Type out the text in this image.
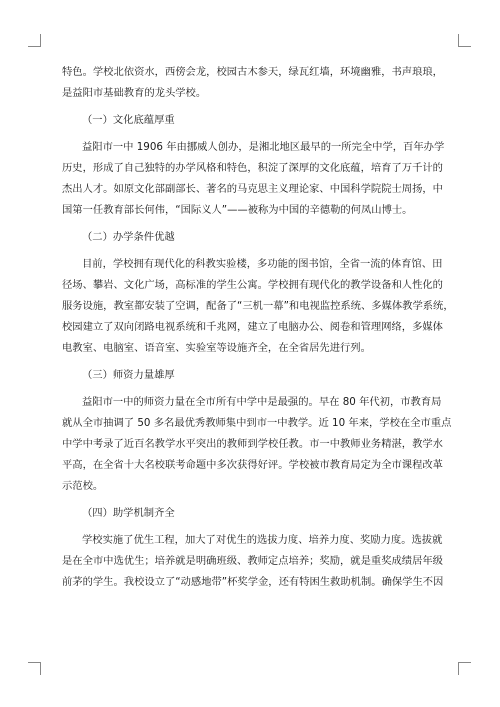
特色。学校北依资水，西傍会龙，校园古木参天，绿瓦红墙，环境幽雅，书声琅琅，
是益阳市基础教育的龙头学校。
（一）文化底蕴厚重
益阳市一中 1906 年由挪威人创办，是湘北地区最早的一所完全中学，百年办学
历史，形成了自己独特的办学风格和特色，积淀了深厚的文化底蕴，培育了万千计的
杰出人才。如原文化部副部长、著名的马克思主义理论家、中国科学院院士周扬，中
国第一任教育部长何伟，“国际义人”——被称为中国的辛德勒的何凤山博士。
（二）办学条件优越
目前，学校拥有现代化的科教实验楼，多功能的图书馆，全省一流的体育馆、田
径场、攀岩、文化广场，高标准的学生公寓。学校拥有现代化的教学设备和人性化的
服务设施，教室都安装了空调，配备了“三机一幕”和电视监控系统、多媒体教学系统，
校园建立了双向闭路电视系统和千兆网，建立了电脑办公、阅卷和管理网络，多媒体
电教室、电脑室、语音室、实验室等设施齐全，在全省居先进行列。
（三）师资力量雄厚
益阳市一中的师资力量在全市所有中学中是最强的。早在 80 年代初，市教育局
就从全市抽调了 50 多名最优秀教师集中到市一中教学。近 10 年来，学校在全市重点
中学中考录了近百名教学水平突出的教师到学校任教。市一中教师业务精湛，教学水
平高，在全省十大名校联考命题中多次获得好评。学校被市教育局定为全市课程改革
示范校。
（四）助学机制齐全
学校实施了优生工程，加大了对优生的选拔力度、培养力度、奖励力度。选拔就
是在全市中选优生；培养就是明确班级、教师定点培养；奖励，就是重奖成绩居年级
前茅的学生。我校设立了“动感地带”杯奖学金，还有特困生救助机制。确保学生不因
